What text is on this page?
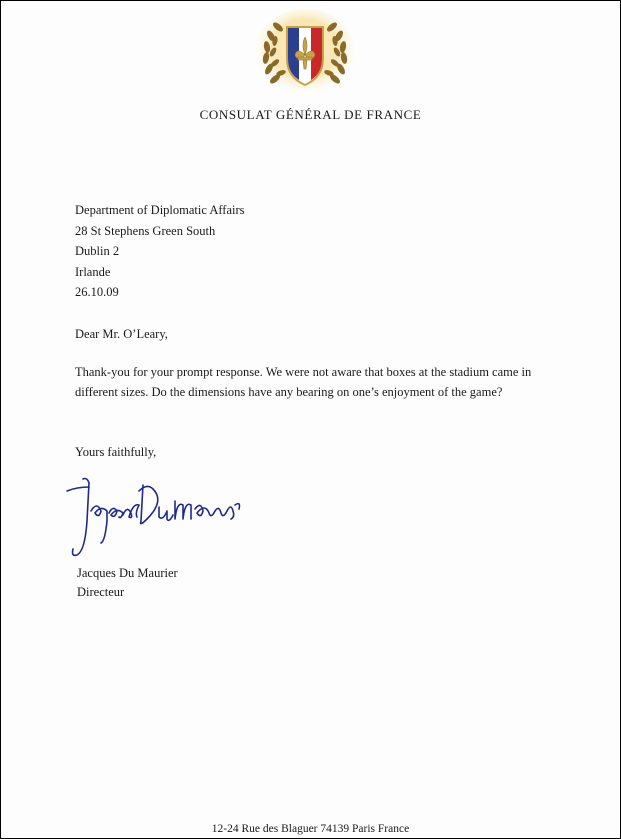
CONSULAT GÉNÉRAL DE FRANCE
Department of Diplomatic Affairs
28 St Stephens Green South
Dublin 2
Irlande
26.10.09
Dear Mr. O’Leary,
Thank-you for your prompt response. We were not aware that boxes at the stadium came in different sizes. Do the dimensions have any bearing on one’s enjoyment of the game?
Yours faithfully,
Jacques Du Maurier
Directeur
12-24 Rue des Blaguer 74139 Paris France
